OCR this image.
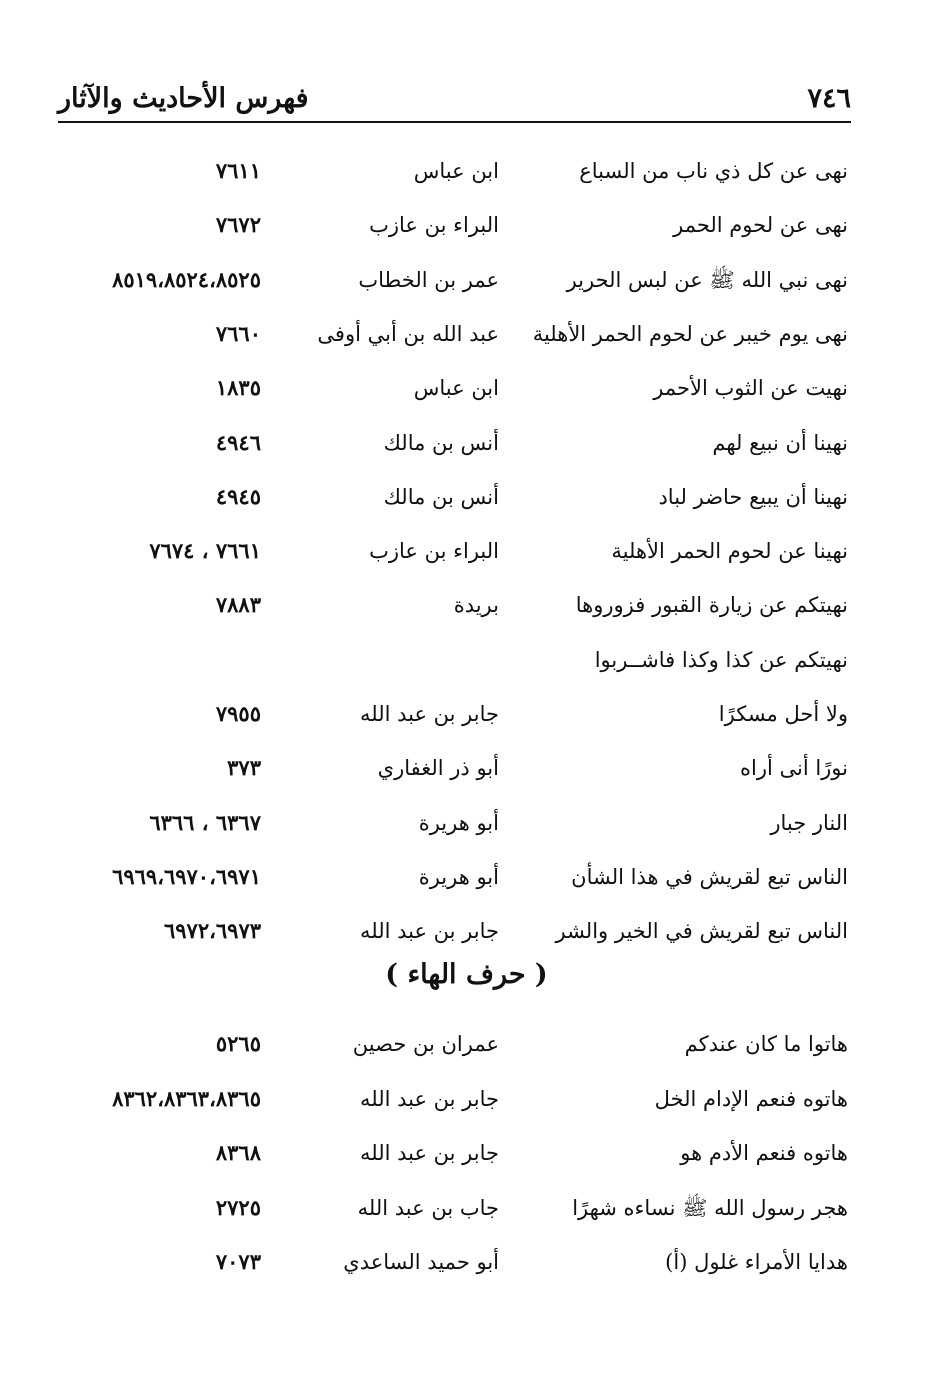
٧٤٦
فهرس الأحاديث والآثار
نهى عن كل ذي ناب من السباع
ابن عباس
٧٦١١
نهى عن لحوم الحمر
البراء بن عازب
٧٦٧٢
نهى نبي الله ﷺ عن لبس الحرير
عمر بن الخطاب
٨٥١٩،٨٥٢٤،٨٥٢٥
نهى يوم خيبر عن لحوم الحمر الأهلية
عبد الله بن أبي أوفى
٧٦٦٠
نهيت عن الثوب الأحمر
ابن عباس
١٨٣٥
نهينا أن نبيع لهم
أنس بن مالك
٤٩٤٦
نهينا أن يبيع حاضر لباد
أنس بن مالك
٤٩٤٥
نهينا عن لحوم الحمر الأهلية
البراء بن عازب
٧٦٦١ ، ٧٦٧٤
نهيتكم عن زيارة القبور فزوروها
بريدة
٧٨٨٣
نهيتكم عن كذا وكذا فاشــربوا
ولا أحل مسكرًا
جابر بن عبد الله
٧٩٥٥
نورًا أنى أراه
أبو ذر الغفاري
٣٧٣
النار جبار
أبو هريرة
٦٣٦٧ ، ٦٣٦٦
الناس تبع لقريش في هذا الشأن
أبو هريرة
٦٩٦٩،٦٩٧٠،٦٩٧١
الناس تبع لقريش في الخير والشر
جابر بن عبد الله
٦٩٧٢،٦٩٧٣
( حرف الهاء )
هاتوا ما كان عندكم
عمران بن حصين
٥٢٦٥
هاتوه فنعم الإدام الخل
جابر بن عبد الله
٨٣٦٢،٨٣٦٣،٨٣٦٥
هاتوه فنعم الأدم هو
جابر بن عبد الله
٨٣٦٨
هجر رسول الله ﷺ نساءه شهرًا
جاب بن عبد الله
٢٧٢٥
هدايا الأمراء غلول (أ)
أبو حميد الساعدي
٧٠٧٣
